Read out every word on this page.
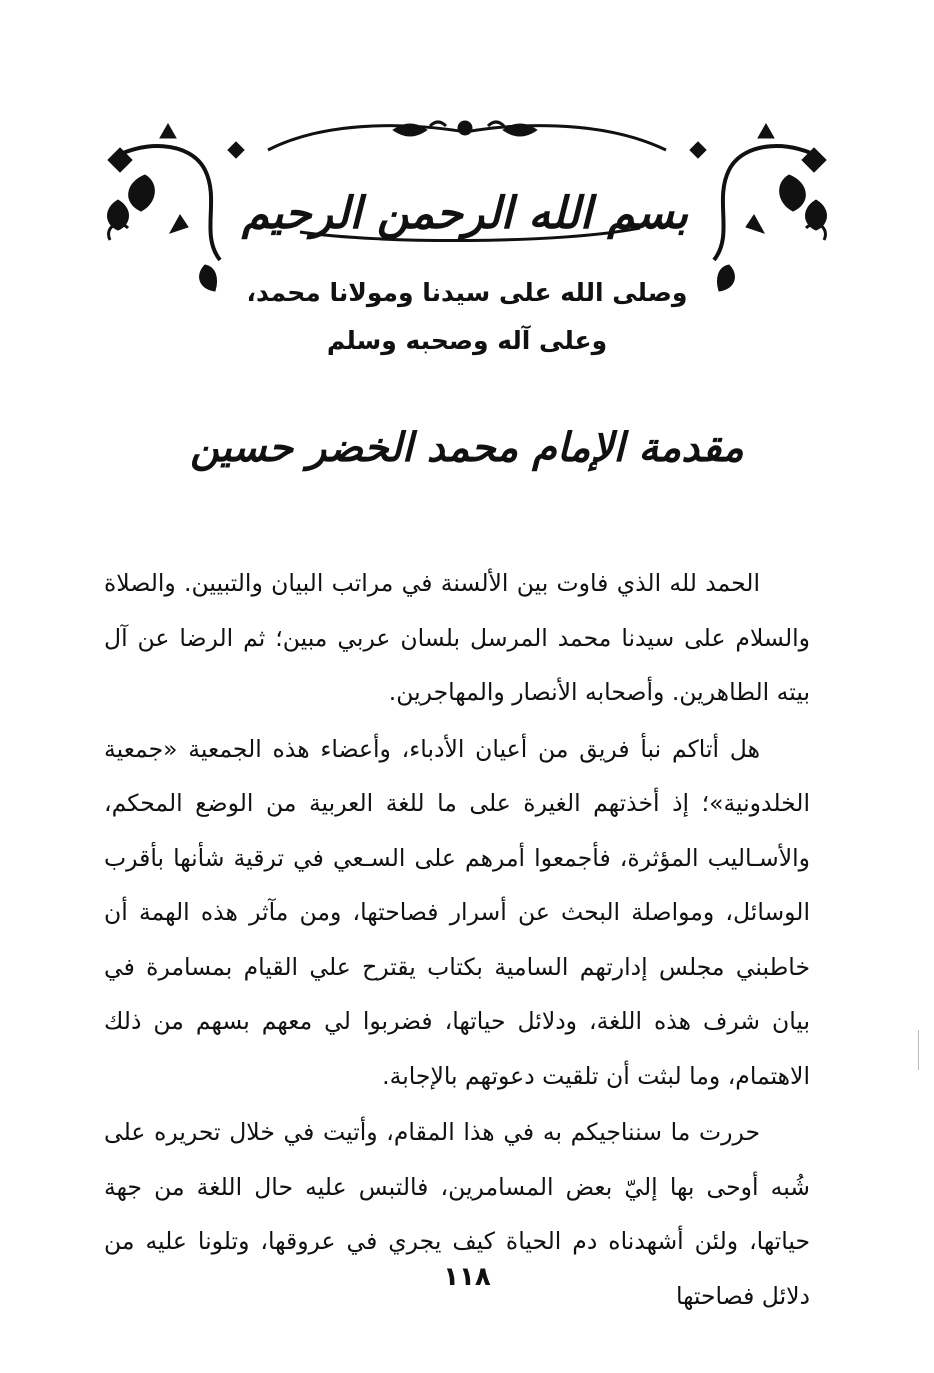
بسم الله الرحمن الرحيم
وصلى الله على سيدنا ومولانا محمد،
وعلى آله وصحبه وسلم
مقدمة الإمام محمد الخضر حسين

الحمد لله الذي فاوت بين الألسنة في مراتب البيان والتبيين. والصلاة والسلام على سيدنا محمد المرسل بلسان عربي مبين؛ ثم الرضا عن آل بيته الطاهرين. وأصحابه الأنصار والمهاجرين.

هل أتاكم نبأ فريق من أعيان الأدباء، وأعضاء هذه الجمعية «جمعية الخلدونية»؛ إذ أخذتهم الغيرة على ما للغة العربية من الوضع المحكم، والأسـاليب المؤثرة، فأجمعوا أمرهم على السـعي في ترقية شأنها بأقرب الوسائل، ومواصلة البحث عن أسرار فصاحتها، ومن مآثر هذه الهمة أن خاطبني مجلس إدارتهم السامية بكتاب يقترح علي القيام بمسامرة في بيان شرف هذه اللغة، ودلائل حياتها، فضربوا لي معهم بسهم من ذلك الاهتمام، وما لبثت أن تلقيت دعوتهم بالإجابة.

حررت ما سنناجيكم به في هذا المقام، وأتيت في خلال تحريره على شُبه أوحى بها إليّ بعض المسامرين، فالتبس عليه حال اللغة من جهة حياتها، ولئن أشهدناه دم الحياة كيف يجري في عروقها، وتلونا عليه من دلائل فصاحتها

١١٨
